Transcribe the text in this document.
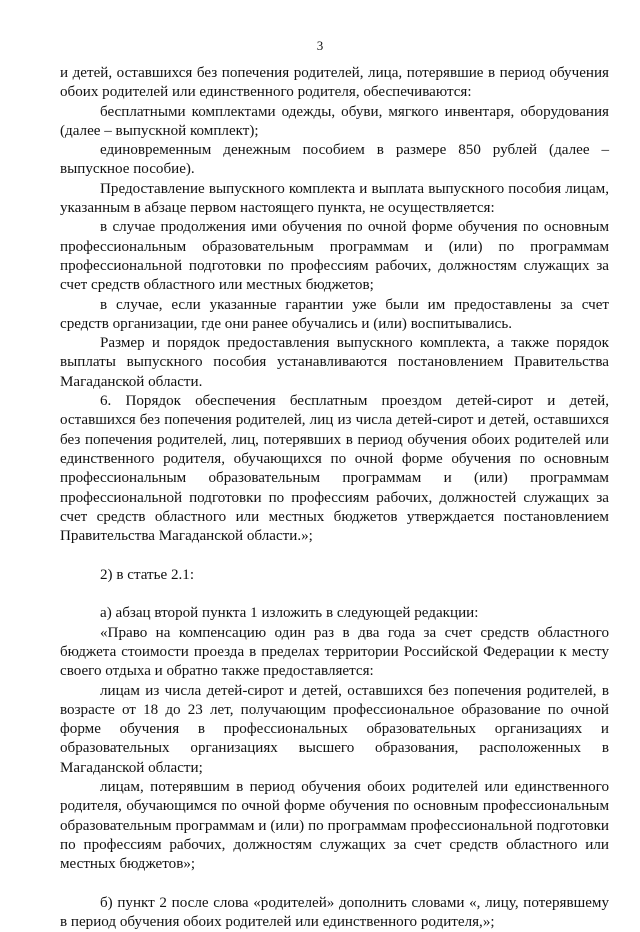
3

и детей, оставшихся без попечения родителей, лица, потерявшие в период обучения обоих родителей или единственного родителя, обеспечиваются:

бесплатными комплектами одежды, обуви, мягкого инвентаря, оборудования (далее – выпускной комплект);

единовременным денежным пособием в размере 850 рублей (далее – выпускное пособие).

Предоставление выпускного комплекта и выплата выпускного пособия лицам, указанным в абзаце первом настоящего пункта, не осуществляется:

в случае продолжения ими обучения по очной форме обучения по основным профессиональным образовательным программам и (или) по программам профессиональной подготовки по профессиям рабочих, должностям служащих за счет средств областного или местных бюджетов;

в случае, если указанные гарантии уже были им предоставлены за счет средств организации, где они ранее обучались и (или) воспитывались.

Размер и порядок предоставления выпускного комплекта, а также порядок выплаты выпускного пособия устанавливаются постановлением Правительства Магаданской области.

6. Порядок обеспечения бесплатным проездом детей-сирот и детей, оставшихся без попечения родителей, лиц из числа детей-сирот и детей, оставшихся без попечения родителей, лиц, потерявших в период обучения обоих родителей или единственного родителя, обучающихся по очной форме обучения по основным профессиональным образовательным программам и (или) программам профессиональной подготовки по профессиям рабочих, должностей служащих за счет средств областного или местных бюджетов утверждается постановлением Правительства Магаданской области.»;

2) в статье 2.1:

а) абзац второй пункта 1 изложить в следующей редакции:

«Право на компенсацию один раз в два года за счет средств областного бюджета стоимости проезда в пределах территории Российской Федерации к месту своего отдыха и обратно также предоставляется:

лицам из числа детей-сирот и детей, оставшихся без попечения родителей, в возрасте от 18 до 23 лет, получающим профессиональное образование по очной форме обучения в профессиональных образовательных организациях и образовательных организациях высшего образования, расположенных в Магаданской области;

лицам, потерявшим в период обучения обоих родителей или единственного родителя, обучающимся по очной форме обучения по основным профессиональным образовательным программам и (или) по программам профессиональной подготовки по профессиям рабочих, должностям служащих за счет средств областного или местных бюджетов»;

б) пункт 2 после слова «родителей» дополнить словами «, лицу, потерявшему в период обучения обоих родителей или единственного родителя,»;
